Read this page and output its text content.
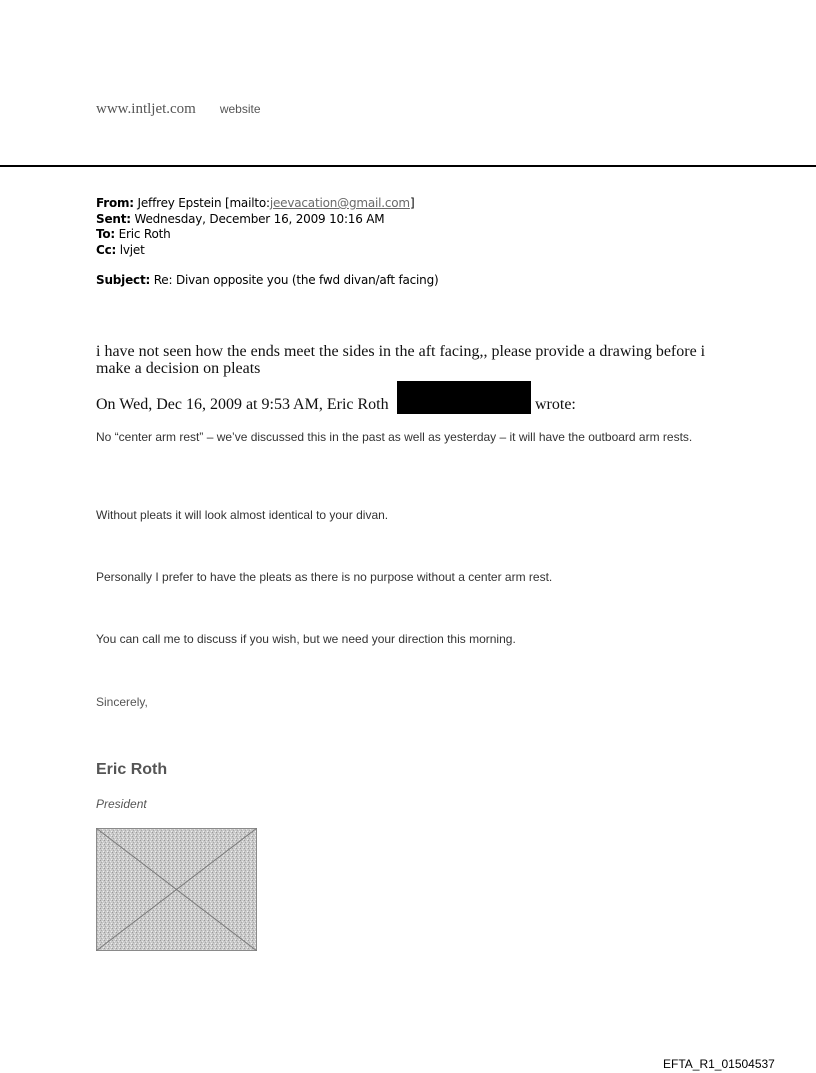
www.intljet.com website
From: Jeffrey Epstein [mailto:jeevacation@gmail.com]
Sent: Wednesday, December 16, 2009 10:16 AM
To: Eric Roth
Cc: lvjet
Subject: Re: Divan opposite you (the fwd divan/aft facing)
i have not seen how the ends meet the sides in the aft facing,, please provide a drawing before i make a decision on pleats
On Wed, Dec 16, 2009 at 9:53 AM, Eric Roth	wrote:
No “center arm rest” – we’ve discussed this in the past as well as yesterday – it will have the outboard arm rests.
Without pleats it will look almost identical to your divan.
Personally I prefer to have the pleats as there is no purpose without a center arm rest.
You can call me to discuss if you wish, but we need your direction this morning.
Sincerely,
Eric Roth
President
EFTA_R1_01504537
